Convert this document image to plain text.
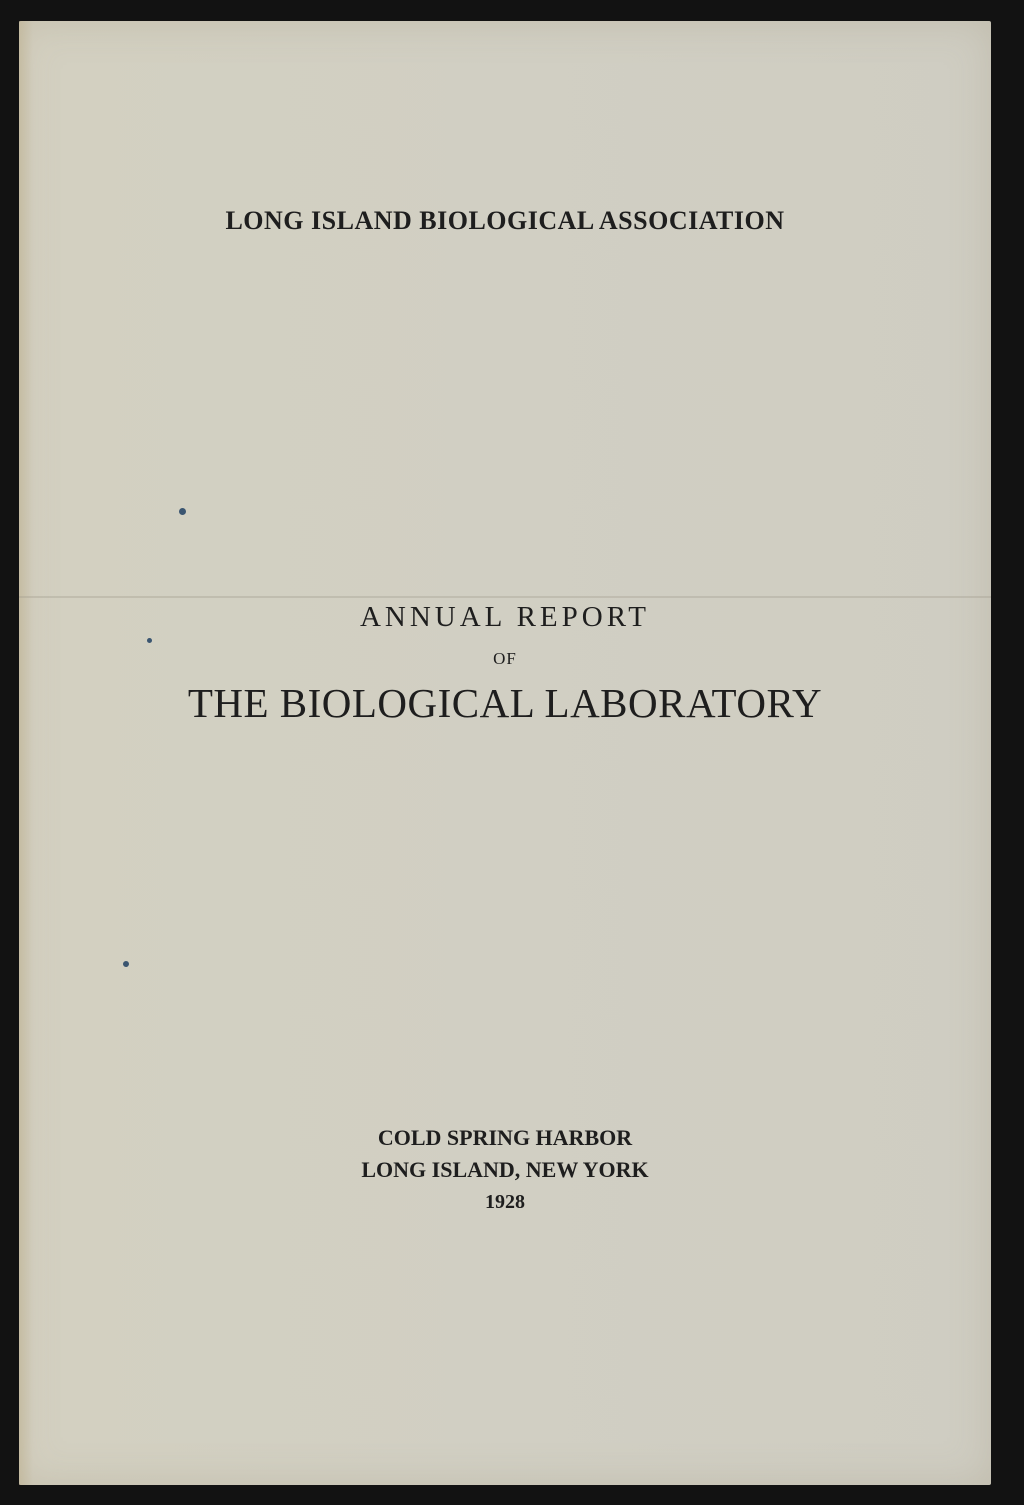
LONG ISLAND BIOLOGICAL ASSOCIATION
ANNUAL REPORT
OF
THE BIOLOGICAL LABORATORY
COLD SPRING HARBOR
LONG ISLAND, NEW YORK
1928
